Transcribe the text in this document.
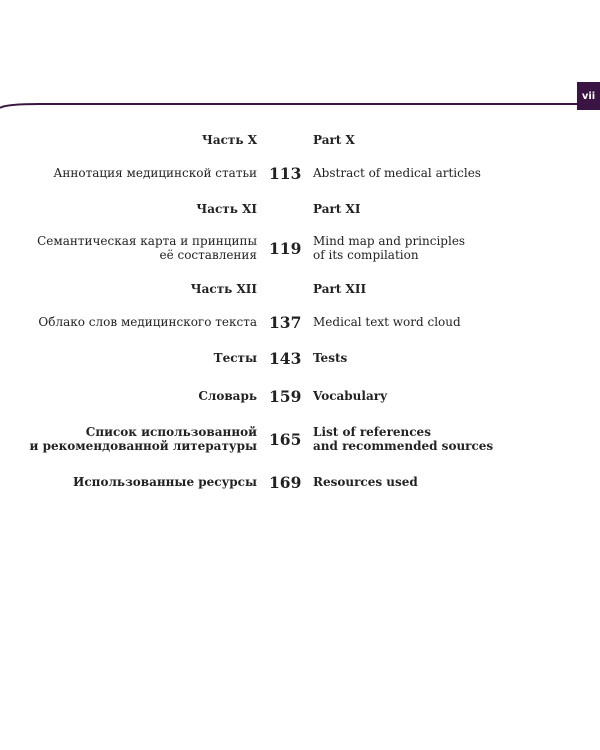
vii
Часть X	Part X
Аннотация медицинской статьи 113 Abstract of medical articles
Часть XI	Part XI
Семантическая карта и принципы
её составления 119 Mind map and principles
of its compilation
Часть XII	Part XII
Облако слов медицинского текста 137 Medical text word cloud
Тесты 143 Tests
Словарь 159 Vocabulary
Список использованной
и рекомендованной литературы 165 List of references
and recommended sources
Использованные ресурсы 169 Resources used
